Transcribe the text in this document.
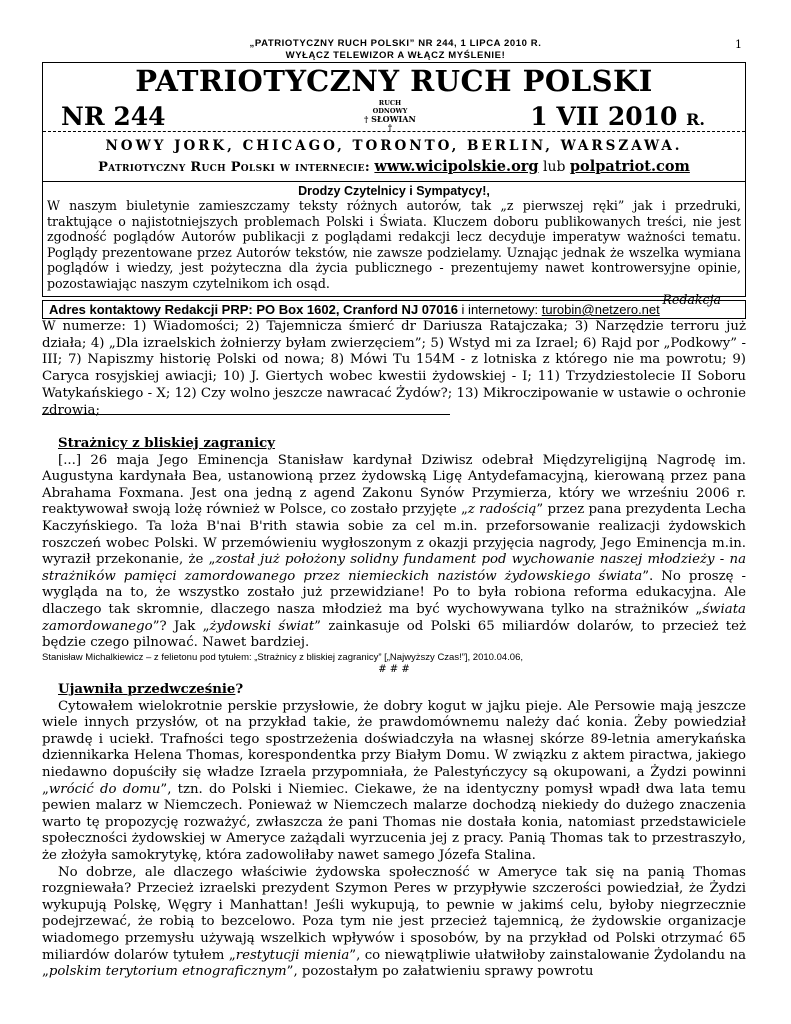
„PATRIOTYCZNY RUCH POLSKI” NR 244, 1 LIPCA 2010 R.
WYŁĄCZ TELEWIZOR A WŁĄCZ MYŚLENIE!
1
PATRIOTYCZNY RUCH POLSKI
NR 244	RUCH ODNOWY
† SŁOWIAN †	1 VII 2010 R.
NOWY JORK, CHICAGO, TORONTO, BERLIN, WARSZAWA.
Patriotyczny Ruch Polski w internecie: www.wicipolskie.org lub polpatriot.com
Drodzy Czytelnicy i Sympatycy!,

W naszym biuletynie zamieszczamy teksty różnych autorów, tak „z pierwszej ręki” jak i przedruki, traktujące o najistotniejszych problemach Polski i Świata. Kluczem doboru publikowanych treści, nie jest zgodność poglądów Autorów publikacji z poglądami redakcji lecz decyduje imperatyw ważności tematu. Poglądy prezentowane przez Autorów tekstów, nie zawsze podzielamy. Uznając jednak że wszelka wymiana poglądów i wiedzy, jest pożyteczna dla życia publicznego - prezentujemy nawet kontrowersyjne opinie, pozostawiając naszym czytelnikom ich osąd.

Redakcja
Adres kontaktowy Redakcji PRP: PO Box 1602, Cranford NJ 07016 i internetowy: turobin@netzero.net
W numerze: 1) Wiadomości; 2) Tajemnicza śmierć dr Dariusza Ratajczaka; 3) Narzędzie terroru już działa; 4) „Dla izraelskich żołnierzy byłam zwierzęciem”; 5) Wstyd mi za Izrael; 6) Rajd por „Podkowy” - III; 7) Napiszmy historię Polski od nowa; 8) Mówi Tu 154M - z lotniska z którego nie ma powrotu; 9) Caryca rosyjskiej awiacji; 10) J. Giertych wobec kwestii żydowskiej - I; 11) Trzydziestolecie II Soboru Watykańskiego - X; 12) Czy wolno jeszcze nawracać Żydów?; 13) Mikroczipowanie w ustawie o ochronie zdrowia;
Strażnicy z bliskiej zagranicy

[...] 26 maja Jego Eminencja Stanisław kardynał Dziwisz odebrał Międzyreligijną Nagrodę im. Augustyna kardynała Bea, ustanowioną przez żydowską Ligę Antydefamacyjną, kierowaną przez pana Abrahama Foxmana. Jest ona jedną z agend Zakonu Synów Przymierza, który we wrześniu 2006 r. reaktywował swoją lożę również w Polsce, co zostało przyjęte „z radością” przez pana prezydenta Lecha Kaczyńskiego. Ta loża B'nai B'rith stawia sobie za cel m.in. przeforsowanie realizacji żydowskich roszczeń wobec Polski. W przemówieniu wygłoszonym z okazji przyjęcia nagrody, Jego Eminencja m.in. wyraził przekonanie, że „został już położony solidny fundament pod wychowanie naszej młodzieży - na strażników pamięci zamordowanego przez niemieckich nazistów żydowskiego świata”. No proszę - wygląda na to, że wszystko zostało już przewidziane! Po to była robiona reforma edukacyjna. Ale dlaczego tak skromnie, dlaczego nasza młodzież ma być wychowywana tylko na strażników „świata zamordowanego”? Jak „żydowski świat” zainkasuje od Polski 65 miliardów dolarów, to przecież też będzie czego pilnować. Nawet bardziej.

Stanisław Michalkiewicz – z felietonu pod tytułem: „Strażnicy z bliskiej zagranicy” [„Najwyższy Czas!”], 2010.04.06,
# # #
Ujawniła przedwcześnie?

Cytowałem wielokrotnie perskie przysłowie, że dobry kogut w jajku pieje. Ale Persowie mają jeszcze wiele innych przysłów, ot na przykład takie, że prawdomównemu należy dać konia. Żeby powiedział prawdę i uciekł. Trafności tego spostrzeżenia doświadczyła na własnej skórze 89-letnia amerykańska dziennikarka Helena Thomas, korespondentka przy Białym Domu. W związku z aktem piractwa, jakiego niedawno dopuściły się władze Izraela przypomniała, że Palestyńczycy są okupowani, a Żydzi powinni „wrócić do domu”, tzn. do Polski i Niemiec. Ciekawe, że na identyczny pomysł wpadł dwa lata temu pewien malarz w Niemczech. Ponieważ w Niemczech malarze dochodzą niekiedy do dużego znaczenia warto tę propozycję rozważyć, zwłaszcza że pani Thomas nie dostała konia, natomiast przedstawiciele społeczności żydowskiej w Ameryce zażądali wyrzucenia jej z pracy. Panią Thomas tak to przestraszyło, że złożyła samokrytykę, która zadowoliłaby nawet samego Józefa Stalina.

No dobrze, ale dlaczego właściwie żydowska społeczność w Ameryce tak się na panią Thomas rozgniewała? Przecież izraelski prezydent Szymon Peres w przypływie szczerości powiedział, że Żydzi wykupują Polskę, Węgry i Manhattan! Jeśli wykupują, to pewnie w jakimś celu, byłoby niegrzecznie podejrzewać, że robią to bezcelowo. Poza tym nie jest przecież tajemnicą, że żydowskie organizacje wiadomego przemysłu używają wszelkich wpływów i sposobów, by na przykład od Polski otrzymać 65 miliardów dolarów tytułem „restytucji mienia”, co niewątpliwie ułatwiłoby zainstalowanie Żydolandu na „polskim terytorium etnograficznym”, pozostałym po załatwieniu sprawy powrotu
